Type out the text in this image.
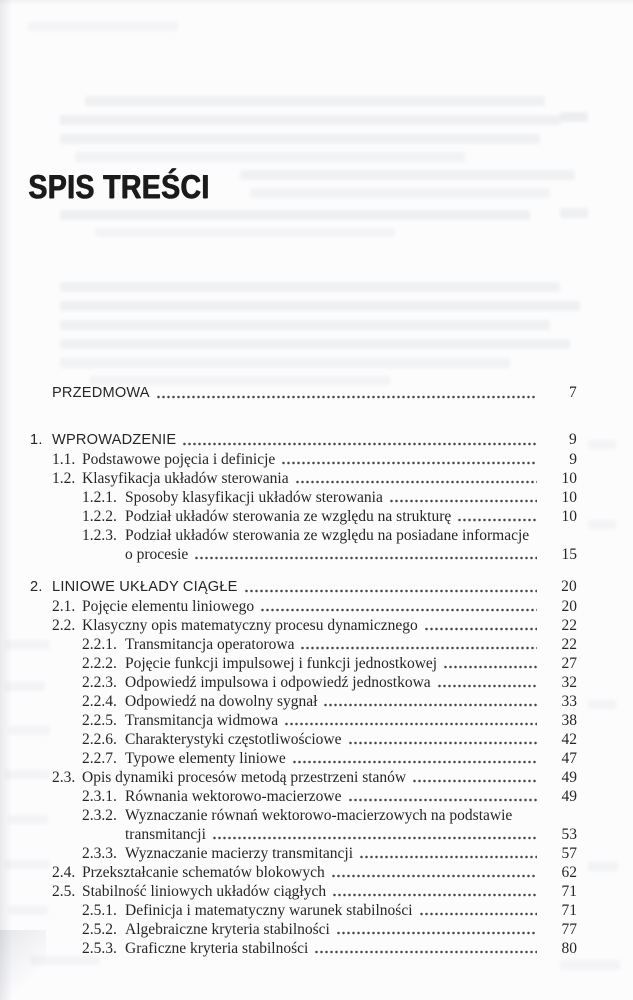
SPIS TREŚCI
PRZEDMOWA	7
1. WPROWADZENIE	9
1.1. Podstawowe pojęcia i definicje	9
1.2. Klasyfikacja układów sterowania	10
1.2.1. Sposoby klasyfikacji układów sterowania	10
1.2.2. Podział układów sterowania ze względu na strukturę	10
1.2.3. Podział układów sterowania ze względu na posiadane informacje
o procesie	15
2. LINIOWE UKŁADY CIĄGŁE	20
2.1. Pojęcie elementu liniowego	20
2.2. Klasyczny opis matematyczny procesu dynamicznego	22
2.2.1. Transmitancja operatorowa	22
2.2.2. Pojęcie funkcji impulsowej i funkcji jednostkowej	27
2.2.3. Odpowiedź impulsowa i odpowiedź jednostkowa	32
2.2.4. Odpowiedź na dowolny sygnał	33
2.2.5. Transmitancja widmowa	38
2.2.6. Charakterystyki częstotliwościowe	42
2.2.7. Typowe elementy liniowe	47
2.3. Opis dynamiki procesów metodą przestrzeni stanów	49
2.3.1. Równania wektorowo-macierzowe	49
2.3.2. Wyznaczanie równań wektorowo-macierzowych na podstawie
transmitancji	53
2.3.3. Wyznaczanie macierzy transmitancji	57
2.4. Przekształcanie schematów blokowych	62
2.5. Stabilność liniowych układów ciągłych	71
2.5.1. Definicja i matematyczny warunek stabilności	71
2.5.2. Algebraiczne kryteria stabilności	77
2.5.3. Graficzne kryteria stabilności	80
